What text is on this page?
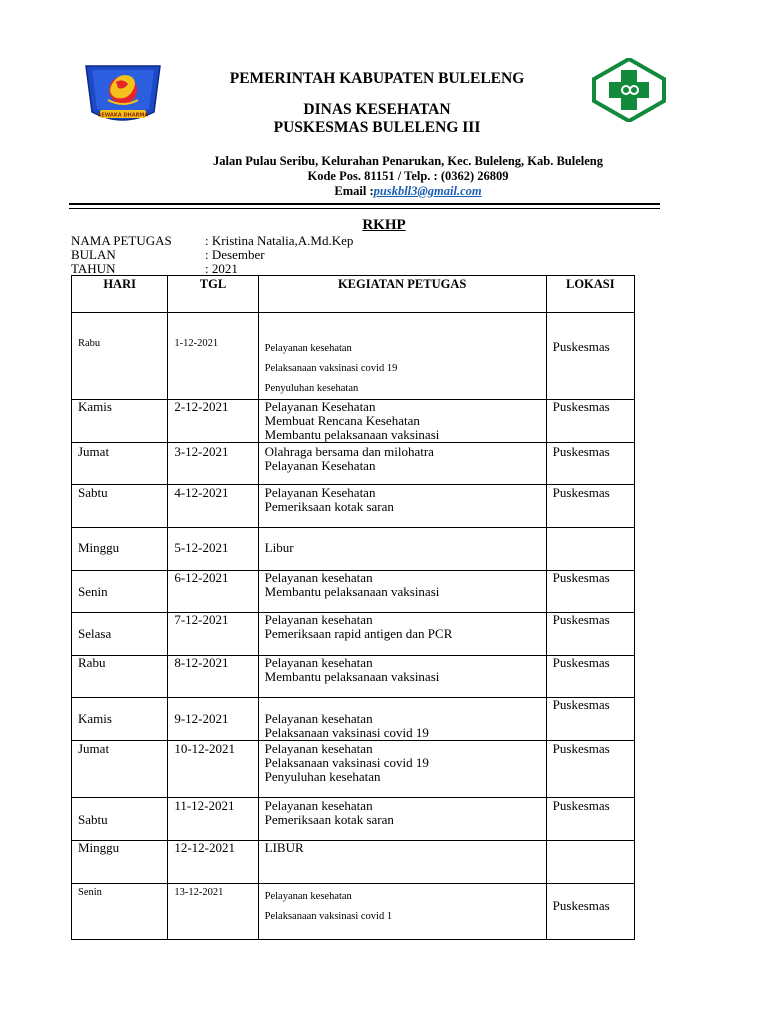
SEWAKA DHARMA
PEMERINTAH KABUPATEN BULELENG
DINAS KESEHATAN
PUSKESMAS BULELENG III
Jalan Pulau Seribu, Kelurahan Penarukan, Kec. Buleleng, Kab. Buleleng
Kode Pos. 81151 / Telp. : (0362) 26809
Email :puskbll3@gmail.com
RKHP
NAMA PETUGAS	: Kristina Natalia,A.Md.Kep
BULAN	: Desember
TAHUN	: 2021
HARI	TGL	KEGIATAN PETUGAS	LOKASI

Rabu	1-12-2021	Pelayanan kesehatan
Pelaksanaan vaksinasi covid 19
Penyuluhan kesehatan	Puskesmas

Kamis	2-12-2021	Pelayanan Kesehatan
Membuat Rencana Kesehatan
Membantu pelaksanaan vaksinasi	Puskesmas

Jumat	3-12-2021	Olahraga bersama dan milohatra
Pelayanan Kesehatan	Puskesmas

Sabtu	4-12-2021	Pelayanan Kesehatan
Pemeriksaan kotak saran	Puskesmas

Minggu	5-12-2021	Libur	

Senin	6-12-2021	Pelayanan kesehatan
Membantu pelaksanaan vaksinasi	Puskesmas

Selasa	7-12-2021	Pelayanan kesehatan
Pemeriksaan rapid antigen dan PCR	Puskesmas

Rabu	8-12-2021	Pelayanan kesehatan
Membantu pelaksanaan vaksinasi	Puskesmas

Kamis	9-12-2021	Pelayanan kesehatan
Pelaksanaan vaksinasi covid 19	Puskesmas

Jumat	10-12-2021	Pelayanan kesehatan
Pelaksanaan vaksinasi covid 19
Penyuluhan kesehatan	Puskesmas

Sabtu	11-12-2021	Pelayanan kesehatan
Pemeriksaan kotak saran	Puskesmas

Minggu	12-12-2021	LIBUR	

Senin	13-12-2021	Pelayanan kesehatan
Pelaksanaan vaksinasi covid 1	Puskesmas
